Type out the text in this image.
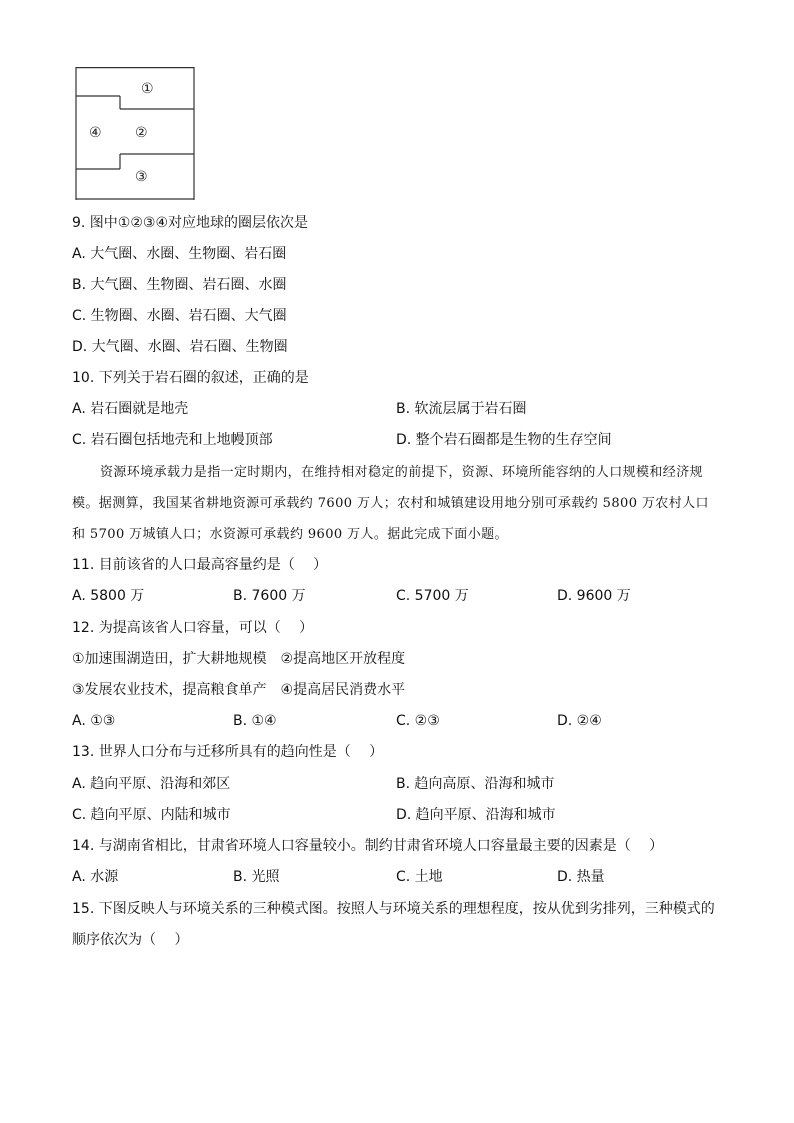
①
②
③
④
9. 图中①②③④对应地球的圈层依次是
A. 大气圈、水圈、生物圈、岩石圈
B. 大气圈、生物圈、岩石圈、水圈
C. 生物圈、水圈、岩石圈、大气圈
D. 大气圈、水圈、岩石圈、生物圈
10. 下列关于岩石圈的叙述，正确的是
A. 岩石圈就是地壳	B. 软流层属于岩石圈
C. 岩石圈包括地壳和上地幔顶部	D. 整个岩石圈都是生物的生存空间
资源环境承载力是指一定时期内，在维持相对稳定的前提下，资源、环境所能容纳的人口规模和经济规模。据测算，我国某省耕地资源可承载约 7600 万人；农村和城镇建设用地分别可承载约 5800 万农村人口和 5700 万城镇人口；水资源可承载约 9600 万人。据此完成下面小题。
11. 目前该省的人口最高容量约是（　 ）
A. 5800 万	B. 7600 万	C. 5700 万	D. 9600 万
12. 为提高该省人口容量，可以（　 ）
①加速围湖造田，扩大耕地规模　②提高地区开放程度
③发展农业技术，提高粮食单产　④提高居民消费水平
A. ①③	B. ①④	C. ②③	D. ②④
13. 世界人口分布与迁移所具有的趋向性是（　 ）
A. 趋向平原、沿海和郊区	B. 趋向高原、沿海和城市
C. 趋向平原、内陆和城市	D. 趋向平原、沿海和城市
14. 与湖南省相比，甘肃省环境人口容量较小。制约甘肃省环境人口容量最主要的因素是（　 ）
A. 水源	B. 光照	C. 土地	D. 热量
15. 下图反映人与环境关系的三种模式图。按照人与环境关系的理想程度，按从优到劣排列，三种模式的
顺序依次为（　 ）
